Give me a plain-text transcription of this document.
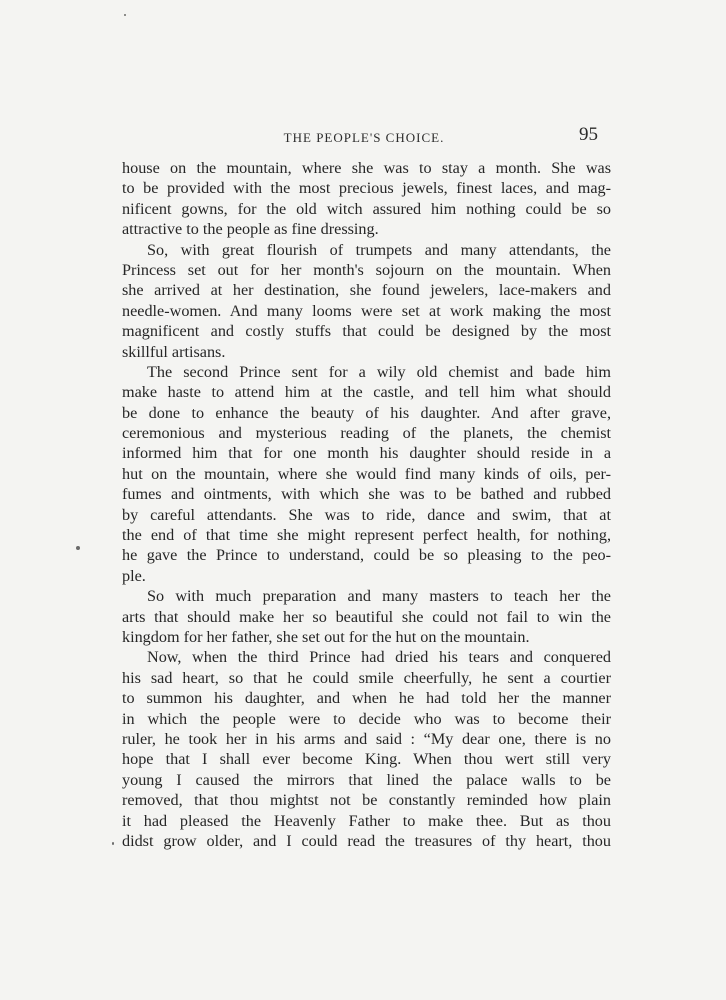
THE PEOPLE'S CHOICE.	95
house on the mountain, where she was to stay a month. She was
to be provided with the most precious jewels, finest laces, and mag-
nificent gowns, for the old witch assured him nothing could be so
attractive to the people as fine dressing.
So, with great flourish of trumpets and many attendants, the
Princess set out for her month's sojourn on the mountain. When
she arrived at her destination, she found jewelers, lace-makers and
needle-women. And many looms were set at work making the most
magnificent and costly stuffs that could be designed by the most
skillful artisans.
The second Prince sent for a wily old chemist and bade him
make haste to attend him at the castle, and tell him what should
be done to enhance the beauty of his daughter. And after grave,
ceremonious and mysterious reading of the planets, the chemist
informed him that for one month his daughter should reside in a
hut on the mountain, where she would find many kinds of oils, per-
fumes and ointments, with which she was to be bathed and rubbed
by careful attendants. She was to ride, dance and swim, that at
the end of that time she might represent perfect health, for nothing,
he gave the Prince to understand, could be so pleasing to the peo-
ple.
So with much preparation and many masters to teach her the
arts that should make her so beautiful she could not fail to win the
kingdom for her father, she set out for the hut on the mountain.
Now, when the third Prince had dried his tears and conquered
his sad heart, so that he could smile cheerfully, he sent a courtier
to summon his daughter, and when he had told her the manner
in which the people were to decide who was to become their
ruler, he took her in his arms and said : “My dear one, there is no
hope that I shall ever become King. When thou wert still very
young I caused the mirrors that lined the palace walls to be
removed, that thou mightst not be constantly reminded how plain
it had pleased the Heavenly Father to make thee. But as thou
didst grow older, and I could read the treasures of thy heart, thou
